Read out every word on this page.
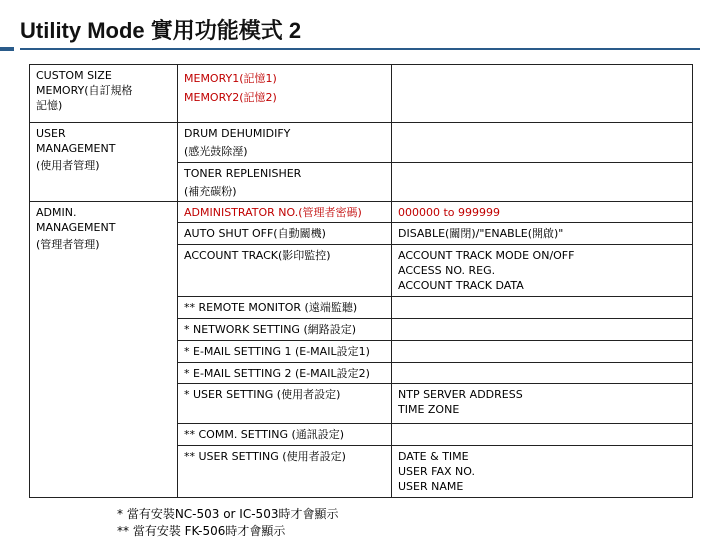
Utility Mode 實用功能模式 2
CUSTOM SIZE
MEMORY(自訂規格
記憶)	MEMORY1(記憶1)
MEMORY2(記憶2)	

USER
MANAGEMENT
(使用者管理)	DRUM DEHUMIDIFY
(感光鼓除溼)	

	TONER REPLENISHER
(補充碳粉)	

ADMIN.
MANAGEMENT
(管理者管理)	ADMINISTRATOR NO.(管理者密碼)	000000 to 999999

	AUTO SHUT OFF(自動關機)	DISABLE(關閉)/"ENABLE(開啟)"

	ACCOUNT TRACK(影印監控)	ACCOUNT TRACK MODE ON/OFF
ACCESS NO. REG.
ACCOUNT TRACK DATA

	** REMOTE MONITOR (遠端監聽)	

	* NETWORK SETTING (網路設定)	

	* E-MAIL SETTING 1 (E-MAIL設定1)	

	* E-MAIL SETTING 2 (E-MAIL設定2)	

	* USER SETTING (使用者設定)	NTP SERVER ADDRESS
TIME ZONE

	** COMM. SETTING (通訊設定)	

	** USER SETTING (使用者設定)	DATE & TIME
USER FAX NO.
USER NAME
* 當有安裝NC-503 or IC-503時才會顯示
** 當有安裝 FK-506時才會顯示
